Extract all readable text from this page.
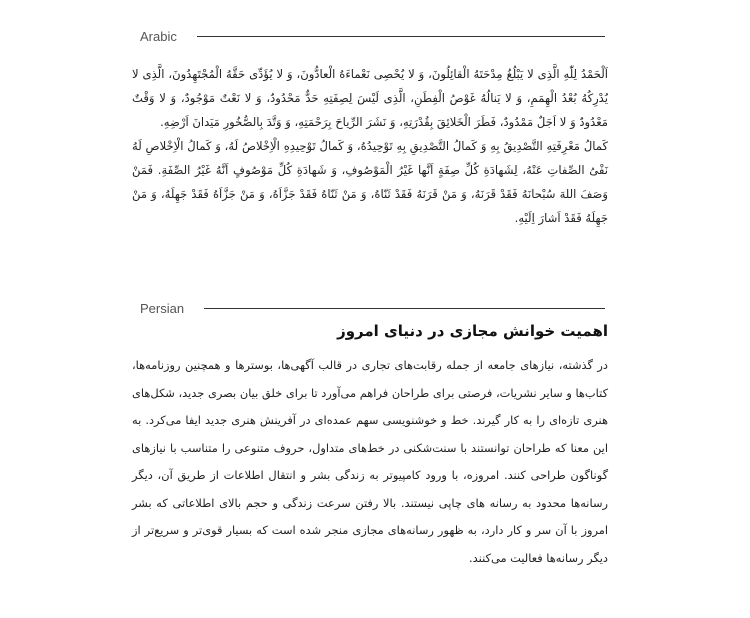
Arabic

اَلْحَمْدُ لِلّٰهِ الَّذِی لا یَبْلُغُ مِدْحَتَهُ الْقائِلُونَ، وَ لا یُحْصِی نَعْماءَهُ الْعادُّونَ، وَ لا یُؤَدِّی حَقَّهُ الْمُجْتَهِدُونَ، الَّذِی لا یُدْرِکُهُ بُعْدُ الْهِمَمِ، وَ لا یَنالُهُ غَوْصُ الْفِطَنِ، الَّذِی لَیْسَ لِصِفَتِهِ حَدٌّ مَحْدُودٌ، وَ لا نَعْتٌ مَوْجُودٌ، وَ لا وَقْتٌ مَعْدُودٌ وَ لا اَجَلٌ مَمْدُودٌ، فَطَرَ الْخَلائِقَ بِقُدْرَتِهِ، وَ نَشَرَ الرِّیاحَ بِرَحْمَتِهِ، وَ وَتَّدَ بِالصُّخُورِ مَیَدانَ اَرْضِهِ.

کَمالُ مَعْرِفَتِهِ التَّصْدِیقُ بِهِ وَ کَمالُ التَّصْدِیقِ بِهِ تَوْحِیدُهُ، وَ کَمالُ تَوْحِیدِهِ الْاِخْلاصُ لَهُ، وَ کَمالُ الْاِخْلاصِ لَهُ نَفْیُ الصِّفاتِ عَنْهُ، لِشَهادَةِ کُلِّ صِفَةٍ اَنَّها غَیْرُ الْمَوْصُوفِ، وَ شَهادَةِ کُلِّ مَوْصُوفٍ اَنَّهُ غَیْرُ الصِّفَةِ. فَمَنْ وَصَفَ اللهَ سُبْحانَهُ فَقَدْ قَرَنَهُ، وَ مَنْ قَرَنَهُ فَقَدْ ثَنّاهُ، وَ مَنْ ثَنّاهُ فَقَدْ جَزَّاَهُ، وَ مَنْ جَزَّاَهُ فَقَدْ جَهِلَهُ، وَ مَنْ جَهِلَهُ فَقَدْ اَشارَ اِلَیْهِ.

Persian
اهمیت خوانش مجازی در دنیای امروز

در گذشته، نیازهای جامعه از جمله رقابت‌های تجاری در قالب آگهی‌ها، بوسترها و همچنین روزنامه‌ها، کتاب‌ها و سایر نشریات، فرصتی برای طراحان فراهم می‌آورد تا برای خلق بیان بصری جدید، شکل‌های هنری تازه‌ای را به کار گیرند. خط و خوشنویسی سهم عمده‌ای در آفرینش هنری جدید ایفا می‌کرد. به این معنا که طراحان توانستند با سنت‌شکنی در خط‌های متداول، حروف متنوعی را متناسب با نیازهای گوناگون طراحی کنند. امروزه، با ورود کامپیوتر به زندگی بشر و انتقال اطلاعات از طریق آن، دیگر رسانه‌ها محدود به رسانه های چاپی نیستند. بالا رفتن سرعت زندگی و حجم بالای اطلاعاتی که بشر امروز با آن سر و کار دارد، به ظهور رسانه‌های مجازی منجر شده است که بسیار قوی‌تر و سریع‌تر از دیگر رسانه‌ها فعالیت می‌کنند.
